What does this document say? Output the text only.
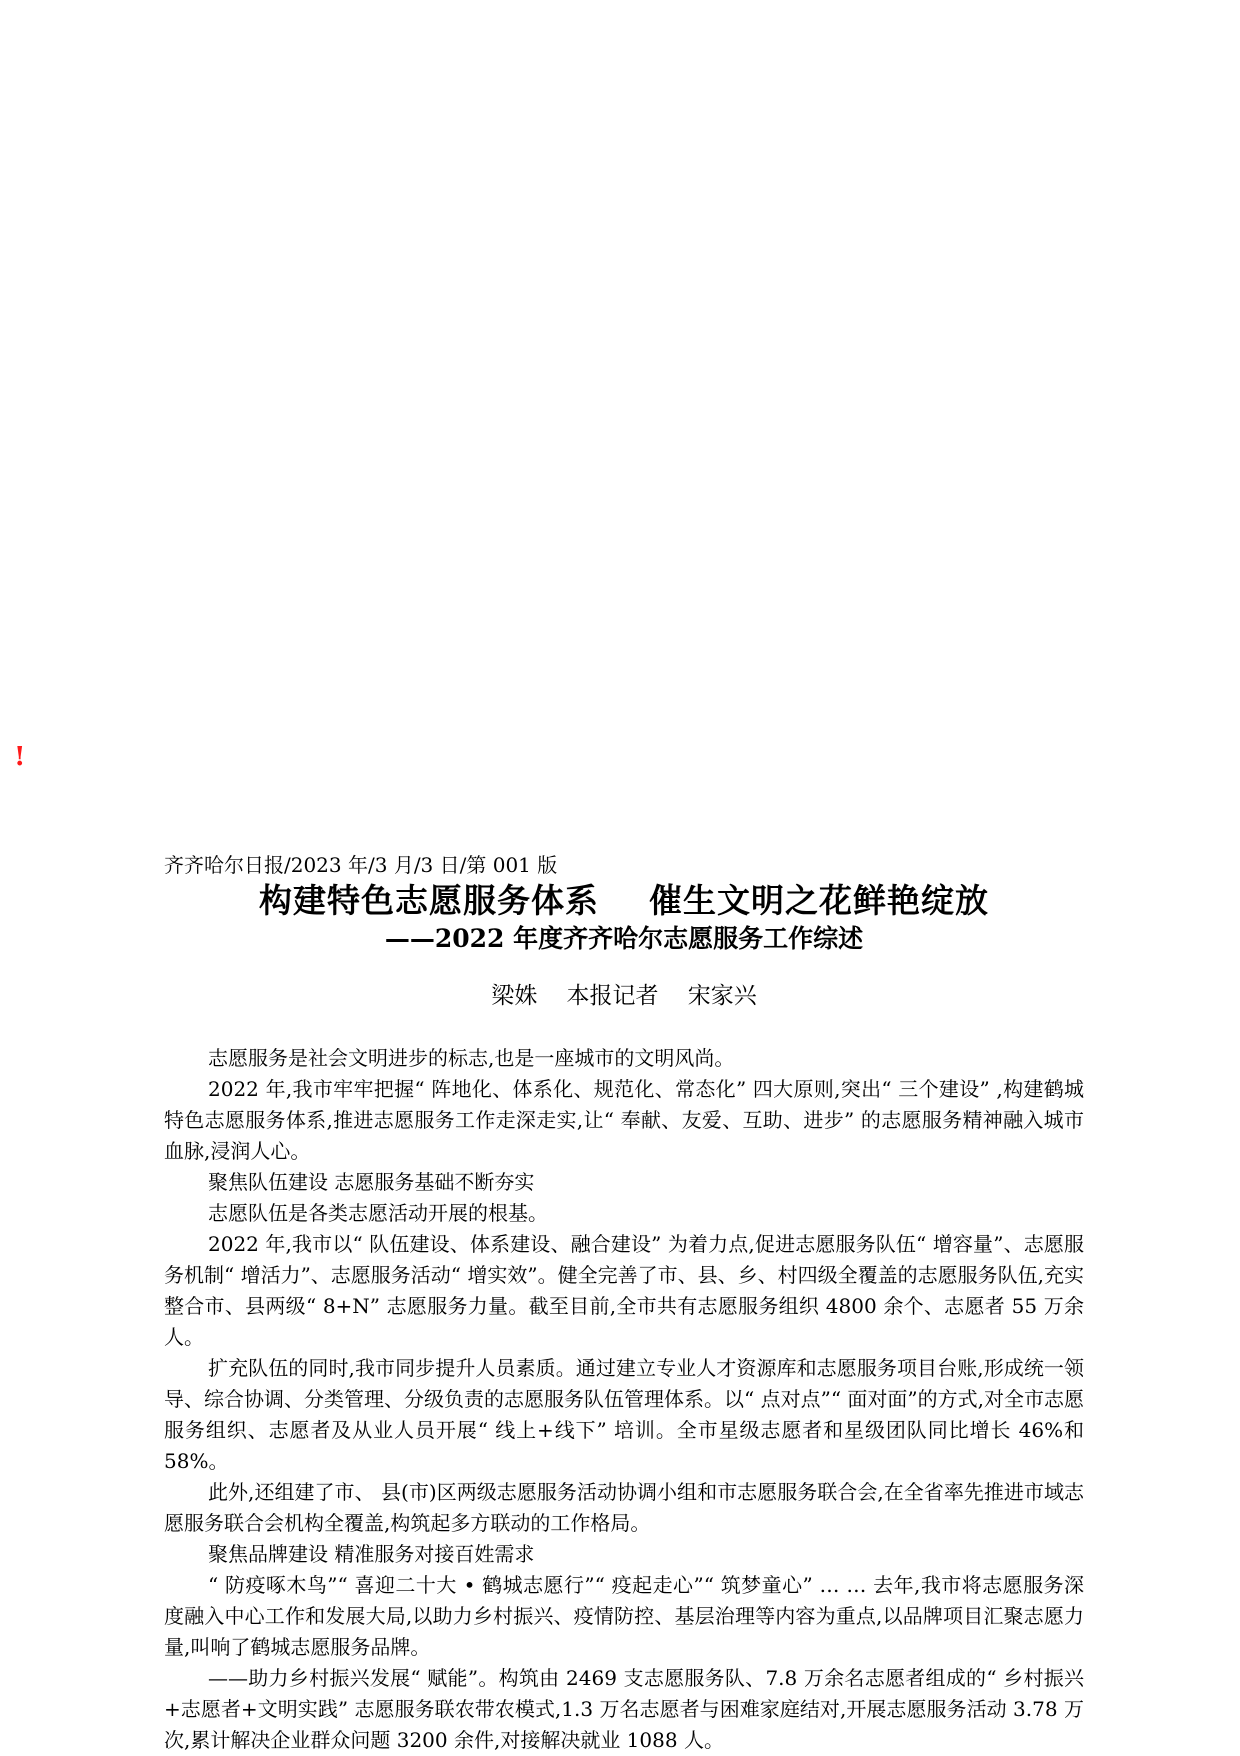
!
齐齐哈尔日报/2023 年/3 月/3 日/第 001 版
构建特色志愿服务体系    催生文明之花鲜艳绽放
——2022 年度齐齐哈尔志愿服务工作综述
梁姝    本报记者    宋家兴

志愿服务是社会文明进步的标志,也是一座城市的文明风尚。

2022 年,我市牢牢把握“ 阵地化、体系化、规范化、常态化” 四大原则,突出“ 三个建设” ,构建鹤城特色志愿服务体系,推进志愿服务工作走深走实,让“ 奉献、友爱、互助、进步” 的志愿服务精神融入城市血脉,浸润人心。

聚焦队伍建设 志愿服务基础不断夯实

志愿队伍是各类志愿活动开展的根基。

2022 年,我市以“ 队伍建设、体系建设、融合建设” 为着力点,促进志愿服务队伍“ 增容量”、志愿服务机制“ 增活力”、志愿服务活动“ 增实效”。健全完善了市、县、乡、村四级全覆盖的志愿服务队伍,充实整合市、县两级“ 8+N” 志愿服务力量。截至目前,全市共有志愿服务组织 4800 余个、志愿者 55 万余人。

扩充队伍的同时,我市同步提升人员素质。通过建立专业人才资源库和志愿服务项目台账,形成统一领导、综合协调、分类管理、分级负责的志愿服务队伍管理体系。以“ 点对点”“ 面对面”的方式,对全市志愿服务组织、志愿者及从业人员开展“ 线上+线下” 培训。全市星级志愿者和星级团队同比增长 46%和 58%。

此外,还组建了市、 县(市)区两级志愿服务活动协调小组和市志愿服务联合会,在全省率先推进市域志愿服务联合会机构全覆盖,构筑起多方联动的工作格局。

聚焦品牌建设 精准服务对接百姓需求

“ 防疫啄木鸟”“ 喜迎二十大 • 鹤城志愿行”“ 疫起走心”“ 筑梦童心” … … 去年,我市将志愿服务深度融入中心工作和发展大局,以助力乡村振兴、疫情防控、基层治理等内容为重点,以品牌项目汇聚志愿力量,叫响了鹤城志愿服务品牌。

——助力乡村振兴发展“ 赋能”。构筑由 2469 支志愿服务队、7.8 万余名志愿者组成的“ 乡村振兴+志愿者+文明实践” 志愿服务联农带农模式,1.3 万名志愿者与困难家庭结对,开展志愿服务活动 3.78 万次,累计解决企业群众问题 3200 余件,对接解决就业 1088 人。
